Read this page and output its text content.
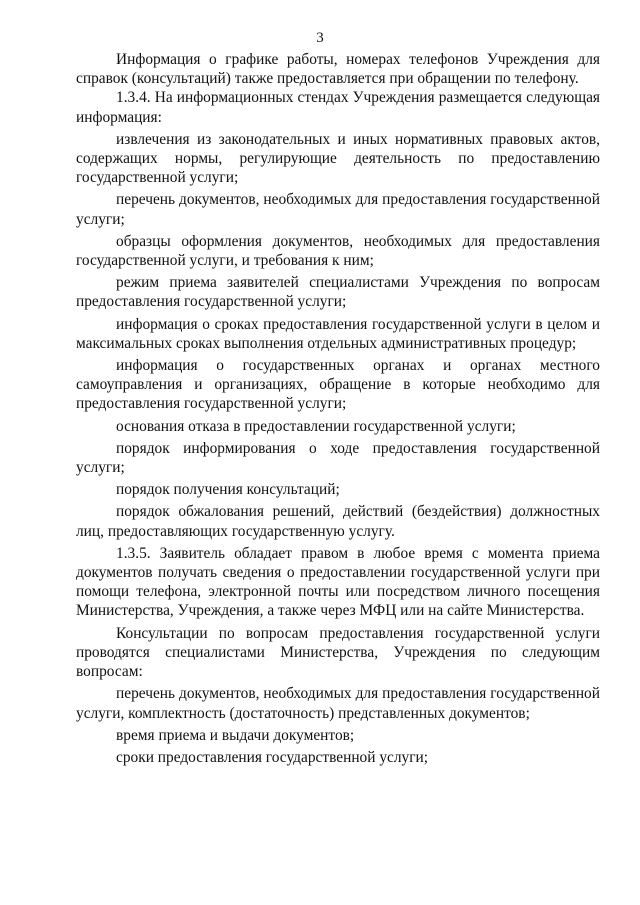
3

Информация о графике работы, номерах телефонов Учреждения для справок (консультаций) также предоставляется при обращении по телефону.

1.3.4. На информационных стендах Учреждения размещается следующая информация:

извлечения из законодательных и иных нормативных правовых актов, содержащих нормы, регулирующие деятельность по предоставлению государственной услуги;

перечень документов, необходимых для предоставления государственной услуги;

образцы оформления документов, необходимых для предоставления государственной услуги, и требования к ним;

режим приема заявителей специалистами Учреждения по вопросам предоставления государственной услуги;

информация о сроках предоставления государственной услуги в целом и максимальных сроках выполнения отдельных административных процедур;

информация о государственных органах и органах местного самоуправления и организациях, обращение в которые необходимо для предоставления государственной услуги;

основания отказа в предоставлении государственной услуги;

порядок информирования о ходе предоставления государственной услуги;

порядок получения консультаций;

порядок обжалования решений, действий (бездействия) должностных лиц, предоставляющих государственную услугу.

1.3.5. Заявитель обладает правом в любое время с момента приема документов получать сведения о предоставлении государственной услуги при помощи телефона, электронной почты или посредством личного посещения Министерства, Учреждения, а также через МФЦ или на сайте Министерства.

Консультации по вопросам предоставления государственной услуги проводятся специалистами Министерства, Учреждения по следующим вопросам:

перечень документов, необходимых для предоставления государственной услуги, комплектность (достаточность) представленных документов;

время приема и выдачи документов;

сроки предоставления государственной услуги;
